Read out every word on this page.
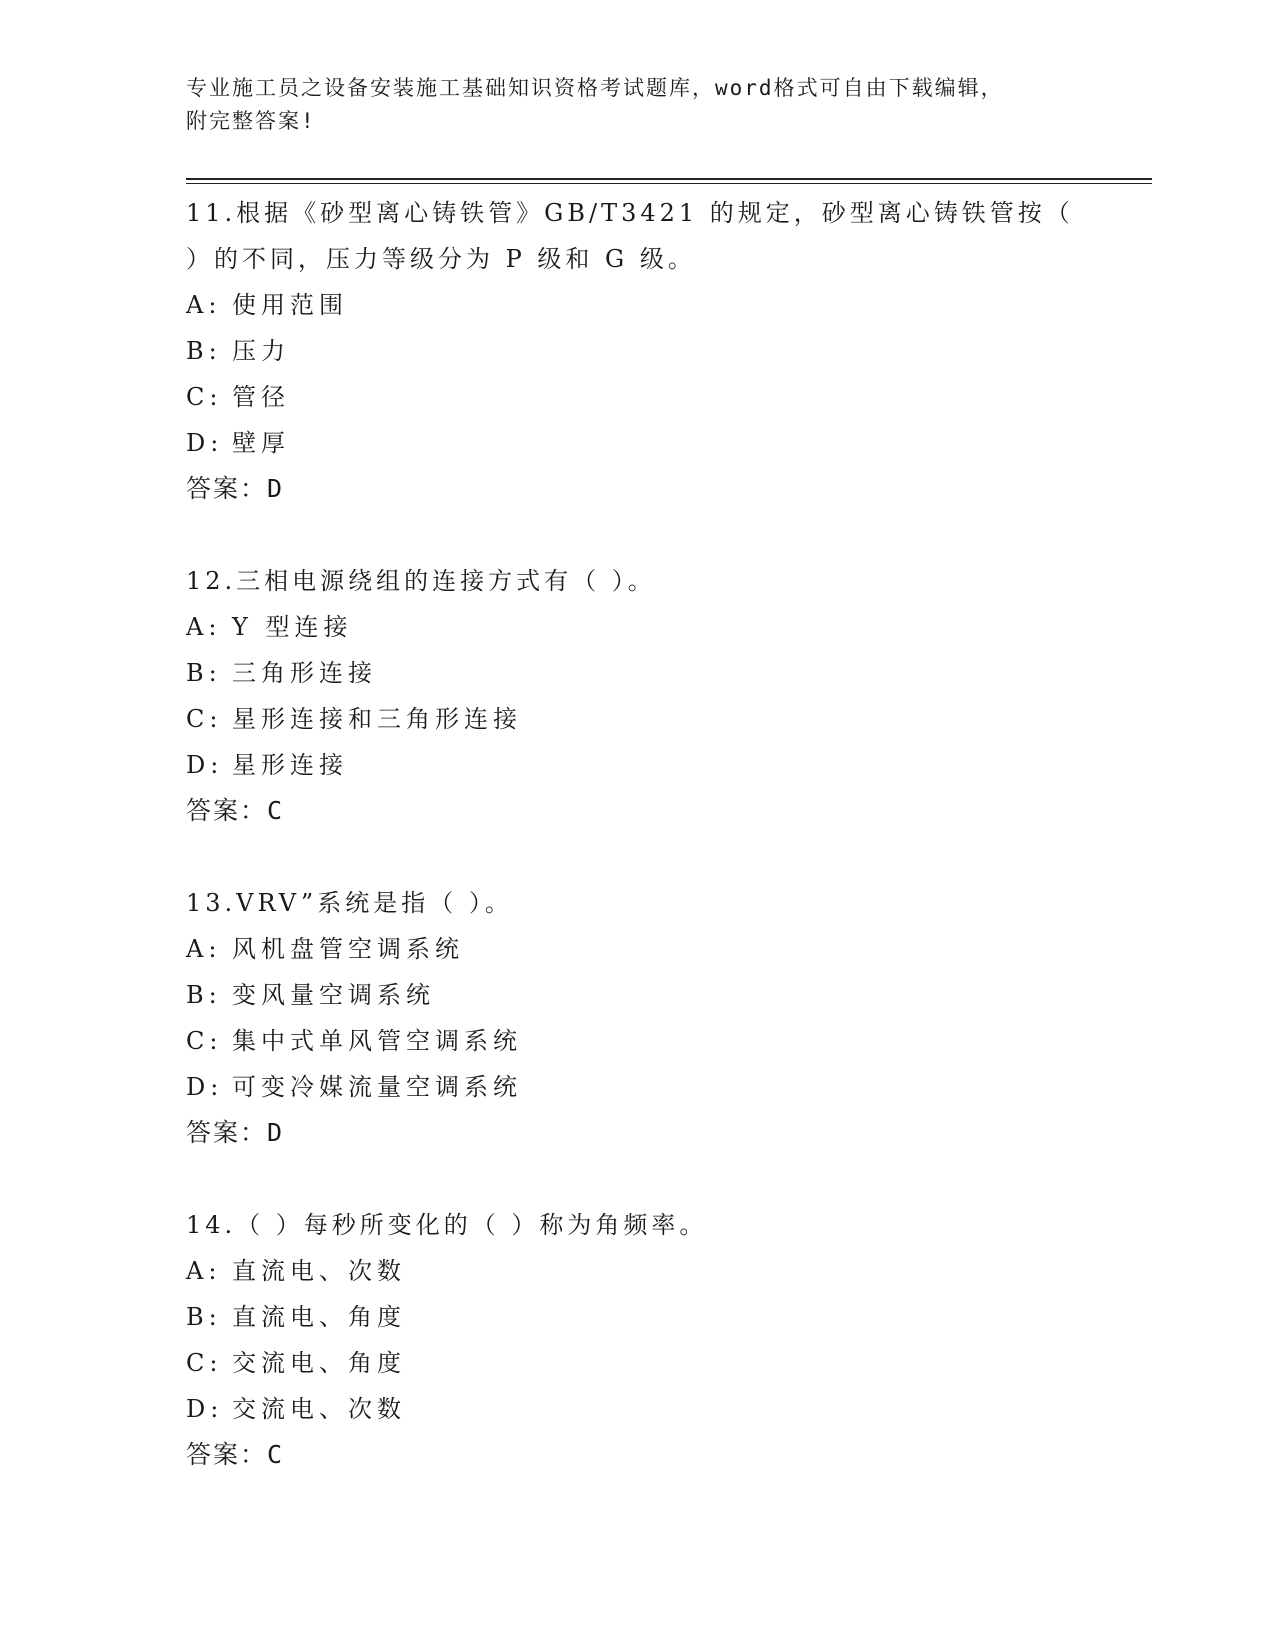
专业施工员之设备安装施工基础知识资格考试题库，word格式可自由下载编辑，
附完整答案!

11.根据《砂型离心铸铁管》GB/T3421 的规定，砂型离心铸铁管按（

）的不同，压力等级分为 P 级和 G 级。

A: 使用范围

B: 压力

C: 管径

D: 壁厚

答案：D

12.三相电源绕组的连接方式有（ ）。

A: Y 型连接

B: 三角形连接

C: 星形连接和三角形连接

D: 星形连接

答案：C

13.VRV”系统是指（ ）。

A: 风机盘管空调系统

B: 变风量空调系统

C: 集中式单风管空调系统

D: 可变冷媒流量空调系统

答案：D

14.（ ）每秒所变化的（ ）称为角频率。

A: 直流电、次数

B: 直流电、角度

C: 交流电、角度

D: 交流电、次数

答案：C
